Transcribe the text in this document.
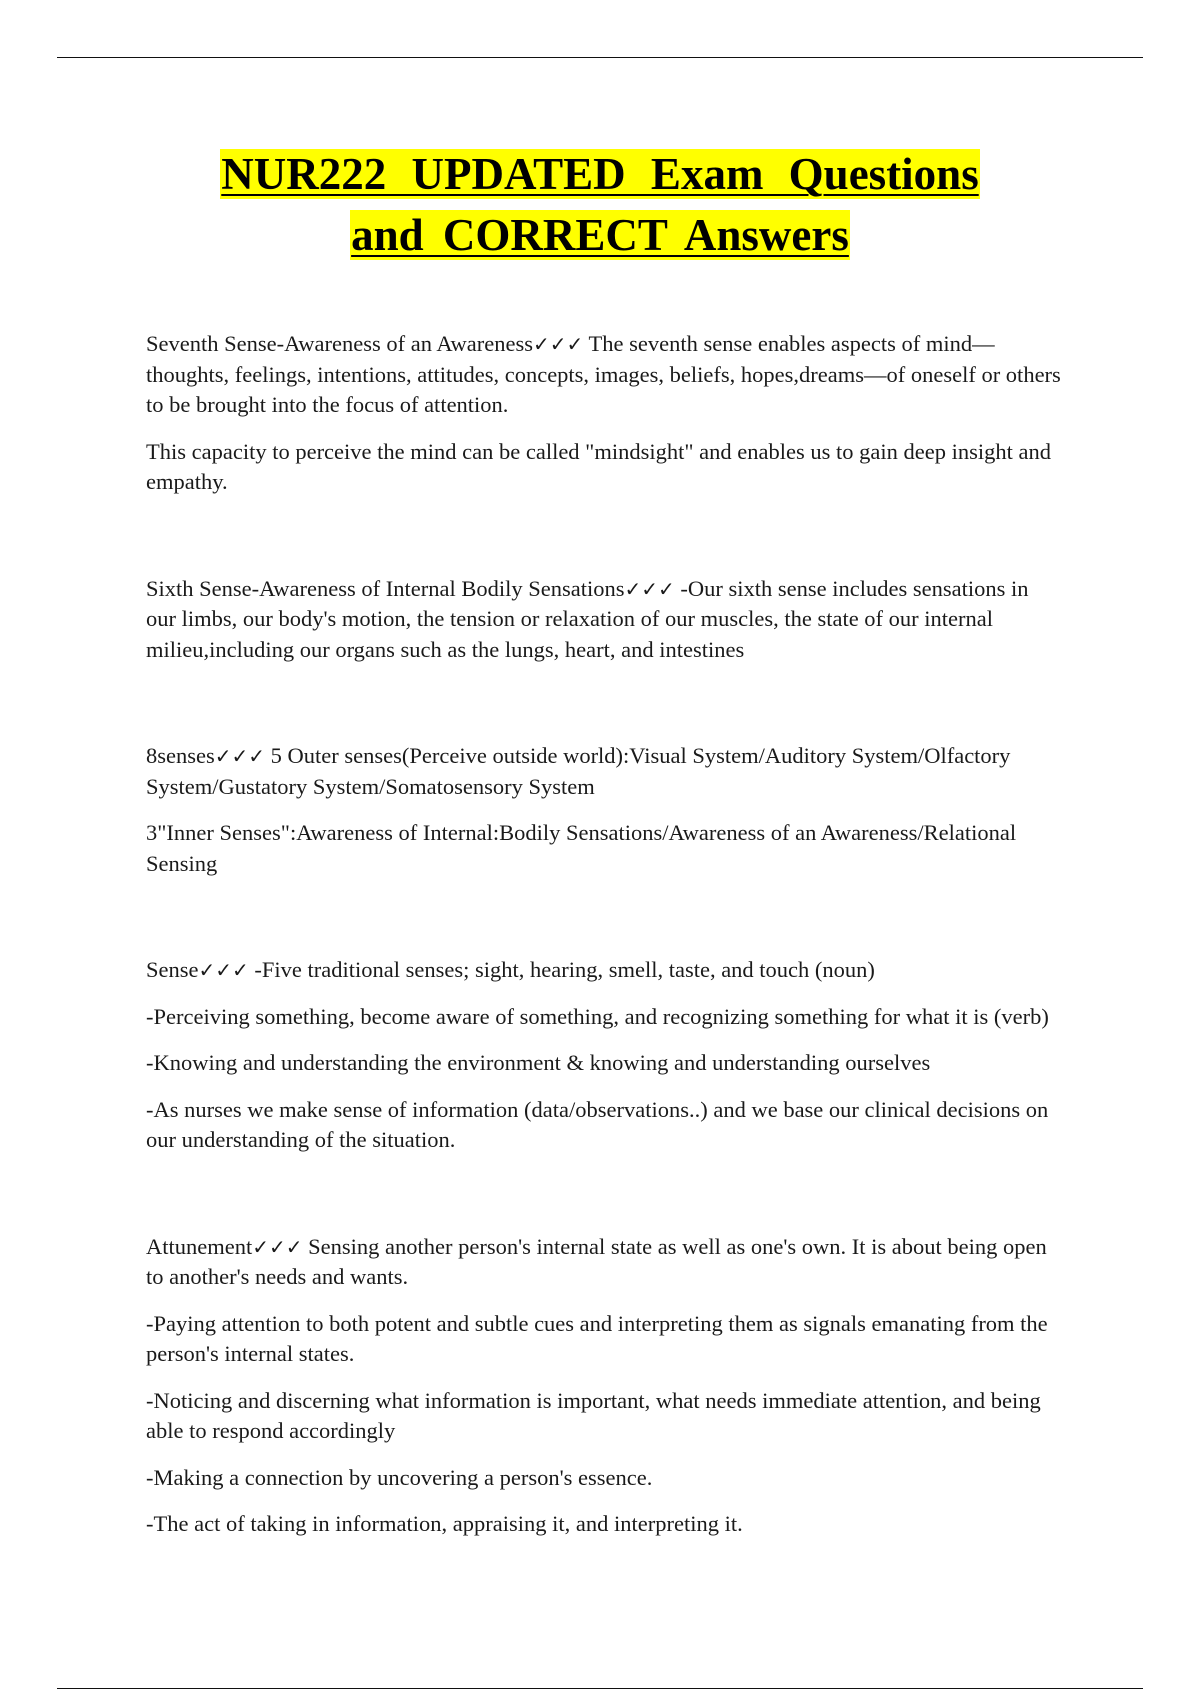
NUR222 UPDATED Exam Questions
and CORRECT Answers

Seventh Sense-Awareness of an Awareness✓✓✓ The seventh sense enables aspects of mind—thoughts, feelings, intentions, attitudes, concepts, images, beliefs, hopes,dreams—of oneself or others to be brought into the focus of attention.

This capacity to perceive the mind can be called "mindsight" and enables us to gain deep insight and empathy.

Sixth Sense-Awareness of Internal Bodily Sensations✓✓✓ -Our sixth sense includes sensations in our limbs, our body's motion, the tension or relaxation of our muscles, the state of our internal milieu,including our organs such as the lungs, heart, and intestines

8senses✓✓✓ 5 Outer senses(Perceive outside world):Visual System/Auditory System/Olfactory System/Gustatory System/Somatosensory System

3"Inner Senses":Awareness of Internal:Bodily Sensations/Awareness of an Awareness/Relational Sensing

Sense✓✓✓ -Five traditional senses; sight, hearing, smell, taste, and touch (noun)

-Perceiving something, become aware of something, and recognizing something for what it is (verb)

-Knowing and understanding the environment & knowing and understanding ourselves

-As nurses we make sense of information (data/observations..) and we base our clinical decisions on our understanding of the situation.

Attunement✓✓✓ Sensing another person's internal state as well as one's own. It is about being open to another's needs and wants.

-Paying attention to both potent and subtle cues and interpreting them as signals emanating from the person's internal states.

-Noticing and discerning what information is important, what needs immediate attention, and being able to respond accordingly

-Making a connection by uncovering a person's essence.

-The act of taking in information, appraising it, and interpreting it.
